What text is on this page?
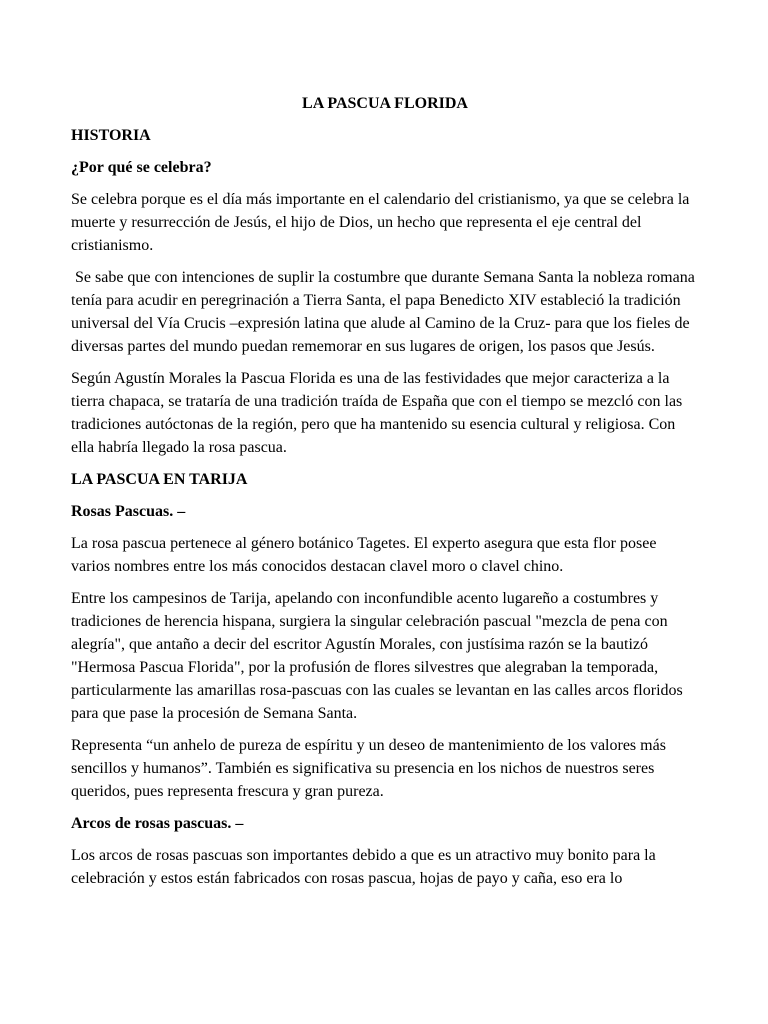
LA PASCUA FLORIDA

HISTORIA

¿Por qué se celebra?

Se celebra porque es el día más importante en el calendario del cristianismo, ya que se celebra la muerte y resurrección de Jesús, el hijo de Dios, un hecho que representa el eje central del cristianismo.

Se sabe que con intenciones de suplir la costumbre que durante Semana Santa la nobleza romana tenía para acudir en peregrinación a Tierra Santa, el papa Benedicto XIV estableció la tradición universal del Vía Crucis –expresión latina que alude al Camino de la Cruz- para que los fieles de diversas partes del mundo puedan rememorar en sus lugares de origen, los pasos que Jesús.

Según Agustín Morales la Pascua Florida es una de las festividades que mejor caracteriza a la tierra chapaca, se trataría de una tradición traída de España que con el tiempo se mezcló con las tradiciones autóctonas de la región, pero que ha mantenido su esencia cultural y religiosa. Con ella habría llegado la rosa pascua.

LA PASCUA EN TARIJA

Rosas Pascuas. –

La rosa pascua pertenece al género botánico Tagetes. El experto asegura que esta flor posee varios nombres entre los más conocidos destacan clavel moro o clavel chino.

Entre los campesinos de Tarija, apelando con inconfundible acento lugareño a costumbres y tradiciones de herencia hispana, surgiera la singular celebración pascual "mezcla de pena con alegría", que antaño a decir del escritor Agustín Morales, con justísima razón se la bautizó "Hermosa Pascua Florida", por la profusión de flores silvestres que alegraban la temporada, particularmente las amarillas rosa-pascuas con las cuales se levantan en las calles arcos floridos para que pase la procesión de Semana Santa.

Representa “un anhelo de pureza de espíritu y un deseo de mantenimiento de los valores más sencillos y humanos”. También es significativa su presencia en los nichos de nuestros seres queridos, pues representa frescura y gran pureza.

Arcos de rosas pascuas. –

Los arcos de rosas pascuas son importantes debido a que es un atractivo muy bonito para la celebración y estos están fabricados con rosas pascua, hojas de payo y caña, eso era lo
